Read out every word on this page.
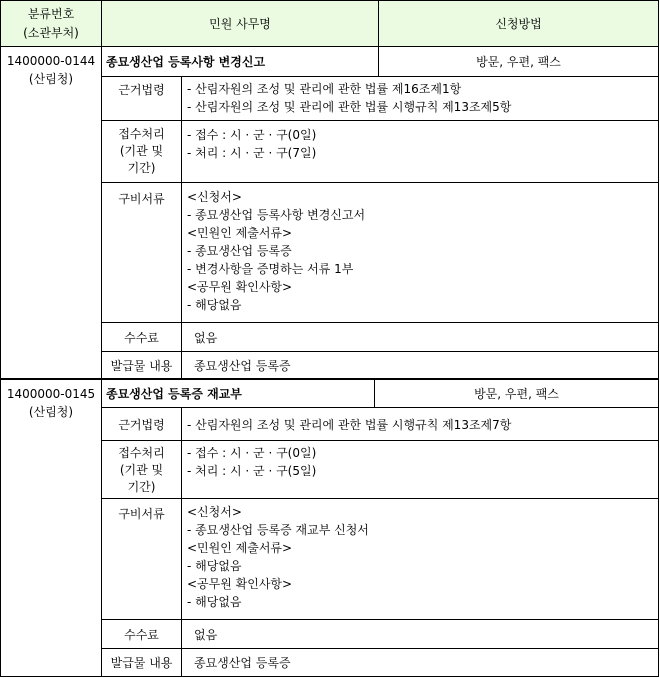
분류번호
(소관부처)
민원 사무명	신청방법
1400000-0144
(산림청)
종묘생산업 등록사항 변경신고	방문, 우편, 팩스
근거법령 - 산림자원의 조성 및 관리에 관한 법률 제16조제1항
- 산림자원의 조성 및 관리에 관한 법률 시행규칙 제13조제5항
접수처리
(기관 및
기간)
- 접수 : 시 · 군 · 구(0일)
- 처리 : 시 · 군 · 구(7일)
구비서류 <신청서>
- 종묘생산업 등록사항 변경신고서
<민원인 제출서류>
- 종묘생산업 등록증
- 변경사항을 증명하는 서류 1부
<공무원 확인사항>
- 해당없음
수수료	없음
발급물 내용 종묘생산업 등록증
1400000-0145
(산림청)
종묘생산업 등록증 재교부	방문, 우편, 팩스
근거법령 - 산림자원의 조성 및 관리에 관한 법률 시행규칙 제13조제7항
접수처리
(기관 및
기간)
- 접수 : 시 · 군 · 구(0일)
- 처리 : 시 · 군 · 구(5일)
구비서류 <신청서>
- 종묘생산업 등록증 재교부 신청서
<민원인 제출서류>
- 해당없음
<공무원 확인사항>
- 해당없음
수수료	없음
발급물 내용 종묘생산업 등록증
